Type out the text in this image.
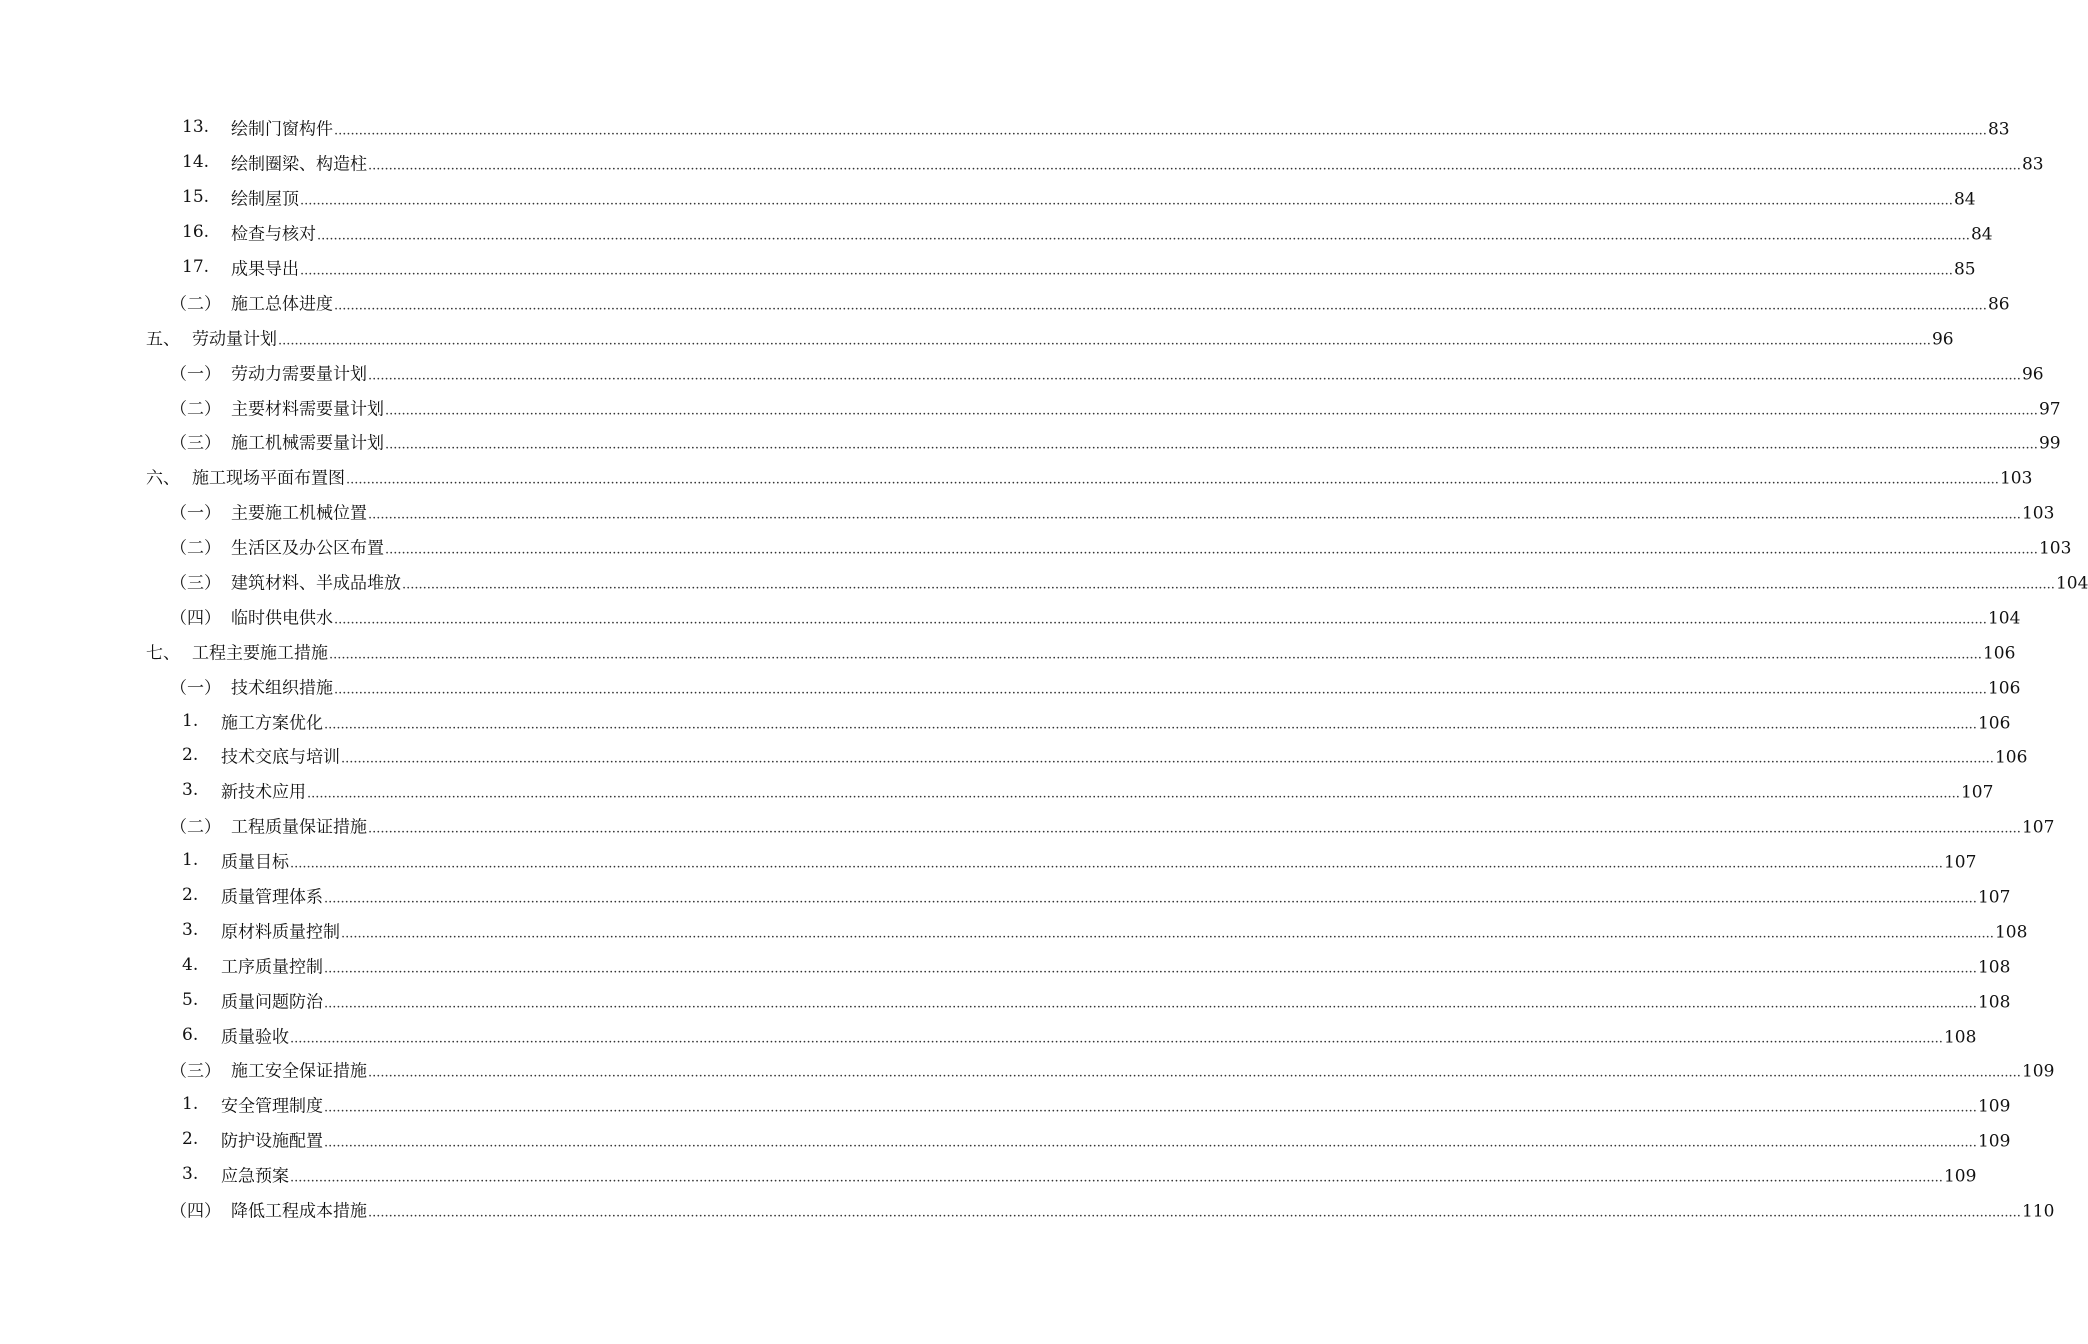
13. 绘制门窗构件 ................................................................................................................................................................................................................................................................................................................................................................................................................ 83
14. 绘制圈梁、构造柱 ................................................................................................................................................................................................................................................................................................................................................................................................................ 83
15. 绘制屋顶 ................................................................................................................................................................................................................................................................................................................................................................................................................ 84
16. 检查与核对 ................................................................................................................................................................................................................................................................................................................................................................................................................ 84
17. 成果导出 ................................................................................................................................................................................................................................................................................................................................................................................................................ 85
（二） 施工总体进度 ................................................................................................................................................................................................................................................................................................................................................................................................................ 86
五、 劳动量计划 ................................................................................................................................................................................................................................................................................................................................................................................................................ 96
（一） 劳动力需要量计划 ................................................................................................................................................................................................................................................................................................................................................................................................................ 96
（二） 主要材料需要量计划 ................................................................................................................................................................................................................................................................................................................................................................................................................ 97
（三） 施工机械需要量计划 ................................................................................................................................................................................................................................................................................................................................................................................................................ 99
六、 施工现场平面布置图 ................................................................................................................................................................................................................................................................................................................................................................................................................ 103
（一） 主要施工机械位置 ................................................................................................................................................................................................................................................................................................................................................................................................................ 103
（二） 生活区及办公区布置 ................................................................................................................................................................................................................................................................................................................................................................................................................ 103
（三） 建筑材料、半成品堆放 ................................................................................................................................................................................................................................................................................................................................................................................................................ 104
（四） 临时供电供水 ................................................................................................................................................................................................................................................................................................................................................................................................................ 104
七、 工程主要施工措施 ................................................................................................................................................................................................................................................................................................................................................................................................................ 106
（一） 技术组织措施 ................................................................................................................................................................................................................................................................................................................................................................................................................ 106
1. 施工方案优化 ................................................................................................................................................................................................................................................................................................................................................................................................................ 106
2. 技术交底与培训 ................................................................................................................................................................................................................................................................................................................................................................................................................ 106
3. 新技术应用 ................................................................................................................................................................................................................................................................................................................................................................................................................ 107
（二） 工程质量保证措施 ................................................................................................................................................................................................................................................................................................................................................................................................................ 107
1. 质量目标 ................................................................................................................................................................................................................................................................................................................................................................................................................ 107
2. 质量管理体系 ................................................................................................................................................................................................................................................................................................................................................................................................................ 107
3. 原材料质量控制 ................................................................................................................................................................................................................................................................................................................................................................................................................ 108
4. 工序质量控制 ................................................................................................................................................................................................................................................................................................................................................................................................................ 108
5. 质量问题防治 ................................................................................................................................................................................................................................................................................................................................................................................................................ 108
6. 质量验收 ................................................................................................................................................................................................................................................................................................................................................................................................................ 108
（三） 施工安全保证措施 ................................................................................................................................................................................................................................................................................................................................................................................................................ 109
1. 安全管理制度 ................................................................................................................................................................................................................................................................................................................................................................................................................ 109
2. 防护设施配置 ................................................................................................................................................................................................................................................................................................................................................................................................................ 109
3. 应急预案 ................................................................................................................................................................................................................................................................................................................................................................................................................ 109
（四） 降低工程成本措施 ................................................................................................................................................................................................................................................................................................................................................................................................................ 110
